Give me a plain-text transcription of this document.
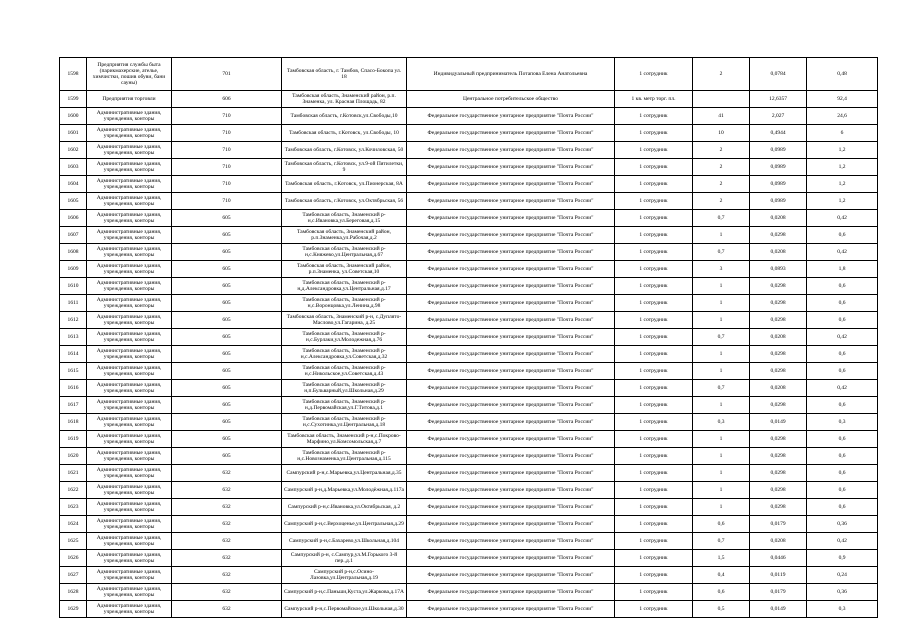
1598	Предприятия службы быта (парикмахерские, ателье, химчистки, пошив обуви, бани сауны)	701	Тамбовская область, г. Тамбов, Спасо-Бокопа ул. 18	Индивидуальный предприниматель Потапова Елена Анатольевна	1 сотрудник	2	0,0784	0,48
1599	Предприятия торговли	606	Тамбовская область, Знаменский район, р.п. Знаменка, ул. Красная Площадь, 82	Центральное потребительское общество	1 кв. метр торг. пл.		12,6357	92,4
1600	Административные здания, учреждения, конторы	710	Тамбовская область, г.Котовск,ул.Свободы,10	Федеральное государственное унитарное предприятие "Почта России"	1 сотрудник	41	2,027	24,6
1601	Административные здания, учреждения, конторы	710	Тамбовская область, г.Котовск, ул.Свободы, 10	Федеральное государственное унитарное предприятие "Почта России"	1 сотрудник	10	0,4944	6
1602	Административные здания, учреждения, конторы	710	Тамбовская область, г.Котовск, ул.Кочиловская, 50	Федеральное государственное унитарное предприятие "Почта России"	1 сотрудник	2	0,0989	1,2
1603	Административные здания, учреждения, конторы	710	Тамбовская область, г.Котовск, ул.9-ой Пятилетки, 9	Федеральное государственное унитарное предприятие "Почта России"	1 сотрудник	2	0,0989	1,2
1604	Административные здания, учреждения, конторы	710	Тамбовская область, г.Котовск, ул.Пионерская, 8А	Федеральное государственное унитарное предприятие "Почта России"	1 сотрудник	2	0,0989	1,2
1605	Административные здания, учреждения, конторы	710	Тамбовская область, г.Котовск, ул.Октябрьская, 56	Федеральное государственное унитарное предприятие "Почта России"	1 сотрудник	2	0,0989	1,2
1606	Административные здания, учреждения, конторы	605	Тамбовская область, Знаменский р-н,с.Ивановка,ул.Береговая,д.15	Федеральное государственное унитарное предприятие "Почта России"	1 сотрудник	0,7	0,0208	0,42
1607	Административные здания, учреждения, конторы	605	Тамбовская область, Знаменский район, р.п.Знаменка,ул.Рабочая,д.2	Федеральное государственное унитарное предприятие "Почта России"	1 сотрудник	1	0,0298	0,6
1608	Административные здания, учреждения, конторы	605	Тамбовская область, Знаменский р-н,с.Княжево,ул.Центральная,д.67	Федеральное государственное унитарное предприятие "Почта России"	1 сотрудник	0,7	0,0208	0,42
1609	Административные здания, учреждения, конторы	605	Тамбовская область, Знаменский район, р.п.Знаменка, ул.Советская,10	Федеральное государственное унитарное предприятие "Почта России"	1 сотрудник	3	0,0893	1,8
1610	Административные здания, учреждения, конторы	605	Тамбовская область, Знаменский р-н,д.Александровка,ул.Центральная,д.17	Федеральное государственное унитарное предприятие "Почта России"	1 сотрудник	1	0,0298	0,6
1611	Административные здания, учреждения, конторы	605	Тамбовская область, Знаменский р-н,с.Воронцовка,ул.Ленина,д.98	Федеральное государственное унитарное предприятие "Почта России"	1 сотрудник	1	0,0298	0,6
1612	Административные здания, учреждения, конторы	605	Тамбовская область, Знаменский р-н, с.Дуплято-Маслово,ул.Гагарина, д.25	Федеральное государственное унитарное предприятие "Почта России"	1 сотрудник	1	0,0298	0,6
1613	Административные здания, учреждения, конторы	605	Тамбовская область, Знаменский р-н,с.Бурлаки,ул.Молодежная,д.76	Федеральное государственное унитарное предприятие "Почта России"	1 сотрудник	0,7	0,0208	0,42
1614	Административные здания, учреждения, конторы	605	Тамбовская область, Знаменский р-н,с.Александровка,ул.Советская,д.32	Федеральное государственное унитарное предприятие "Почта России"	1 сотрудник	1	0,0298	0,6
1615	Административные здания, учреждения, конторы	605	Тамбовская область, Знаменский р-н,с.Никольское,ул.Советская,д.43	Федеральное государственное унитарное предприятие "Почта России"	1 сотрудник	1	0,0298	0,6
1616	Административные здания, учреждения, конторы	605	Тамбовская область, Знаменский р-н,п.Бульварный,ул.Школьная,д.29	Федеральное государственное унитарное предприятие "Почта России"	1 сотрудник	0,7	0,0208	0,42
1617	Административные здания, учреждения, конторы	605	Тамбовская область, Знаменский р-н,д.Первомайская,ул.Г.Титова,д.1	Федеральное государственное унитарное предприятие "Почта России"	1 сотрудник	1	0,0298	0,6
1618	Административные здания, учреждения, конторы	605	Тамбовская область, Знаменский р-н,с.Сухотинка,ул.Центральная,д.18	Федеральное государственное унитарное предприятие "Почта России"	1 сотрудник	0,3	0,0149	0,3
1619	Административные здания, учреждения, конторы	605	Тамбовская область, Знаменский р-н,с.Покрово-Марфино,ул.Комсомольская,д.7	Федеральное государственное унитарное предприятие "Почта России"	1 сотрудник	1	0,0298	0,6
1620	Административные здания, учреждения, конторы	605	Тамбовская область, Знаменский р-н,с.Новознаменка,ул.Центральная,д.115	Федеральное государственное унитарное предприятие "Почта России"	1 сотрудник	1	0,0298	0,6
1621	Административные здания, учреждения, конторы	632	Сампурский р-н,с.Марьевка,ул.Центральная,д.35	Федеральное государственное унитарное предприятие "Почта России"	1 сотрудник	1	0,0298	0,6
1622	Административные здания, учреждения, конторы	632	Сампурский р-н,д.Марьевка,ул.Молодёжная,д.117а	Федеральное государственное унитарное предприятие "Почта России"	1 сотрудник	1	0,0298	0,6
1623	Административные здания, учреждения, конторы	632	Сампурский р-н,с.Ивановка,ул.Октябрьская, д.2	Федеральное государственное унитарное предприятие "Почта России"	1 сотрудник	1	0,0298	0,6
1624	Административные здания, учреждения, конторы	632	Сампурский р-н,с.Верхоценье,ул.Центральная,д.29	Федеральное государственное унитарное предприятие "Почта России"	1 сотрудник	0,6	0,0179	0,36
1625	Административные здания, учреждения, конторы	632	Сампурский р-н,с.Бахарево,ул.Школьная,д.104	Федеральное государственное унитарное предприятие "Почта России"	1 сотрудник	0,7	0,0208	0,42
1626	Административные здания, учреждения, конторы	632	Сампурский р-н, с.Сампур,ул.М.Горького 3-й пер.,д.1	Федеральное государственное унитарное предприятие "Почта России"	1 сотрудник	1,5	0,0446	0,9
1627	Административные здания, учреждения, конторы	632	Сампурский р-н,с.Осино-Лазовка,ул.Центральная,д.19	Федеральное государственное унитарное предприятие "Почта России"	1 сотрудник	0,4	0,0119	0,24
1628	Административные здания, учреждения, конторы	632	Сампурский р-н,с.Паньши,Куста,ул.Жаркова,д.17А	Федеральное государственное унитарное предприятие "Почта России"	1 сотрудник	0,6	0,0179	0,36
1629	Административные здания, учреждения, конторы	632	Сампурский р-н,с.Первомайское,ул.Школьная,д.30	Федеральное государственное унитарное предприятие "Почта России"	1 сотрудник	0,5	0,0149	0,3
